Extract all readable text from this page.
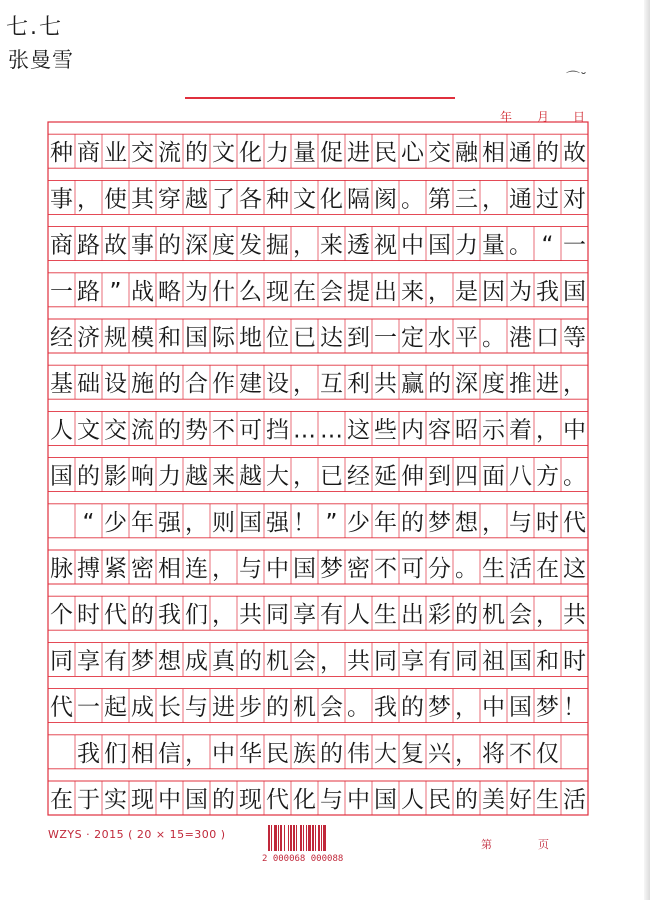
七.七
张曼雪
⌒˘
年 月 日
种 商 业 交 流 的 文 化 力 量 促 进 民 心 交 融 相 通 的 故
事 ， 使 其 穿 越 了 各 种 文 化 隔 阂 。 第 三 ， 通 过 对
商 路 故 事 的 深 度 发 掘 ， 来 透 视 中 国 力 量 。 “ 一
一 路 ” 战 略 为 什 么 现 在 会 提 出 来 ， 是 因 为 我 国
经 济 规 模 和 国 际 地 位 已 达 到 一 定 水 平 。 港 口 等
基 础 设 施 的 合 作 建 设 ， 互 利 共 赢 的 深 度 推 进 ，
人 文 交 流 的 势 不 可 挡 … … 这 些 内 容 昭 示 着 ， 中
国 的 影 响 力 越 来 越 大 ， 已 经 延 伸 到 四 面 八 方 。
　“ 少 年 强 ， 则 国 强 ！ ” 少 年 的 梦 想 ， 与 时 代
脉 搏 紧 密 相 连 ， 与 中 国 梦 密 不 可 分 。 生 活 在 这
个 时 代 的 我 们 ， 共 同 享 有 人 生 出 彩 的 机 会 ， 共
同 享 有 梦 想 成 真 的 机 会 ， 共 同 享 有 同 祖 国 和 时
代 一 起 成 长 与 进 步 的 机 会 。 我 的 梦 ， 中 国 梦 ！
　我 们 相 信 ， 中 华 民 族 的 伟 大 复 兴 ， 将 不 仅
在 于 实 现 中 国 的 现 代 化 与 中 国 人 民 的 美 好 生 活
WZYS · 2015 ( 20 × 15=300 )
2 000068 000088
第	页
